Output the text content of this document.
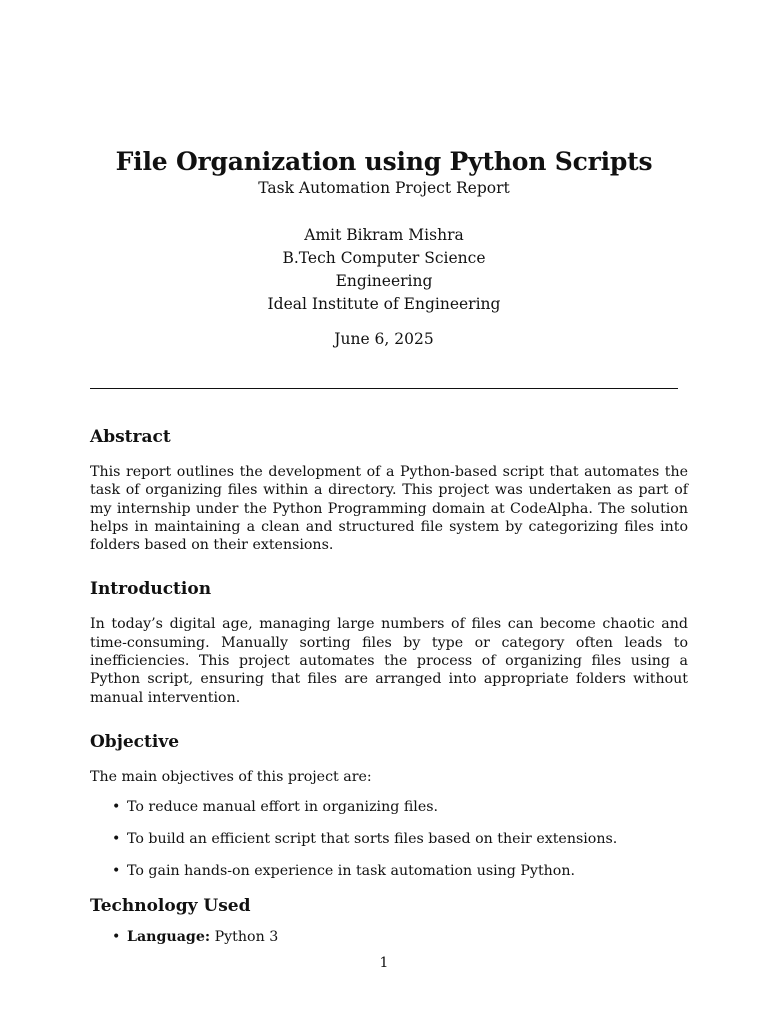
File Organization using Python Scripts
Task Automation Project Report
Amit Bikram Mishra
B.Tech Computer Science
Engineering
Ideal Institute of Engineering
June 6, 2025
Abstract

This report outlines the development of a Python-based script that automates the task of organizing files within a directory. This project was undertaken as part of my internship under the Python Programming domain at CodeAlpha. The solution helps in maintaining a clean and structured file system by categorizing files into folders based on their extensions.

Introduction

In today’s digital age, managing large numbers of files can become chaotic and time-consuming. Manually sorting files by type or category often leads to inefficiencies. This project automates the process of organizing files using a Python script, ensuring that files are arranged into appropriate folders without manual intervention.

Objective

The main objectives of this project are:

• To reduce manual effort in organizing files.
• To build an efficient script that sorts files based on their extensions.
• To gain hands-on experience in task automation using Python.
Technology Used
• Language: Python 3
1
